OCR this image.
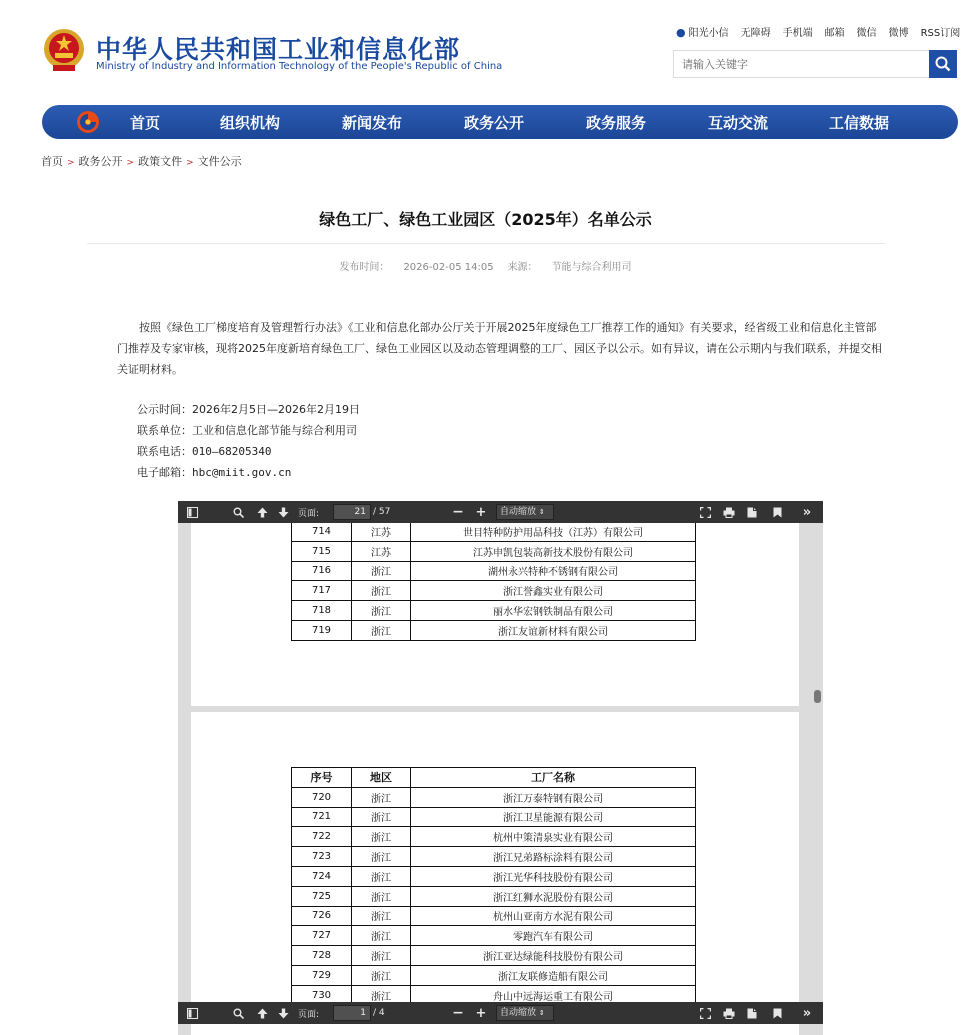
中华人民共和国工业和信息化部
Ministry of Industry and Information Technology of the People's Republic of China
● 阳光小信 无障碍 手机端 邮箱 微信 微博 RSS订阅
请输入关键字
首页	组织机构	新闻发布	政务公开	政务服务	互动交流	工信数据
首页 > 政务公开 > 政策文件 > 文件公示
绿色工厂、绿色工业园区（2025年）名单公示
发布时间： 2026-02-05 14:05 来源： 节能与综合利用司
按照《绿色工厂梯度培育及管理暂行办法》《工业和信息化部办公厅关于开展2025年度绿色工厂推荐工作的通知》有关要求，经省级工业和信息化主管部门推荐及专家审核，现将2025年度新培育绿色工厂、绿色工业园区以及动态管理调整的工厂、园区予以公示。如有异议，请在公示期内与我们联系，并提交相关证明材料。
公示时间：2026年2月5日—2026年2月19日
联系单位：工业和信息化部节能与综合利用司
联系电话：010—68205340
电子邮箱：hbc@miit.gov.cn
页面:	21 / 57	− +	自动缩放 ⇕	»
714	江苏	世目特种防护用品科技（江苏）有限公司
715	江苏	江苏申凯包装高新技术股份有限公司
716	浙江	湖州永兴特种不锈钢有限公司
717	浙江	浙江誉鑫实业有限公司
718	浙江	丽水华宏钢铁制品有限公司
719	浙江	浙江友谊新材料有限公司
序号	地区	工厂名称
720	浙江	浙江万泰特钢有限公司
721	浙江	浙江卫星能源有限公司
722	浙江	杭州中策清泉实业有限公司
723	浙江	浙江兄弟路标涂料有限公司
724	浙江	浙江光华科技股份有限公司
725	浙江	浙江红狮水泥股份有限公司
726	浙江	杭州山亚南方水泥有限公司
727	浙江	零跑汽车有限公司
728	浙江	浙江亚达绿能科技股份有限公司
729	浙江	浙江友联修造船有限公司
730	浙江	舟山中远海运重工有限公司
页面:	1 / 4	− +	自动缩放 ⇕	»
